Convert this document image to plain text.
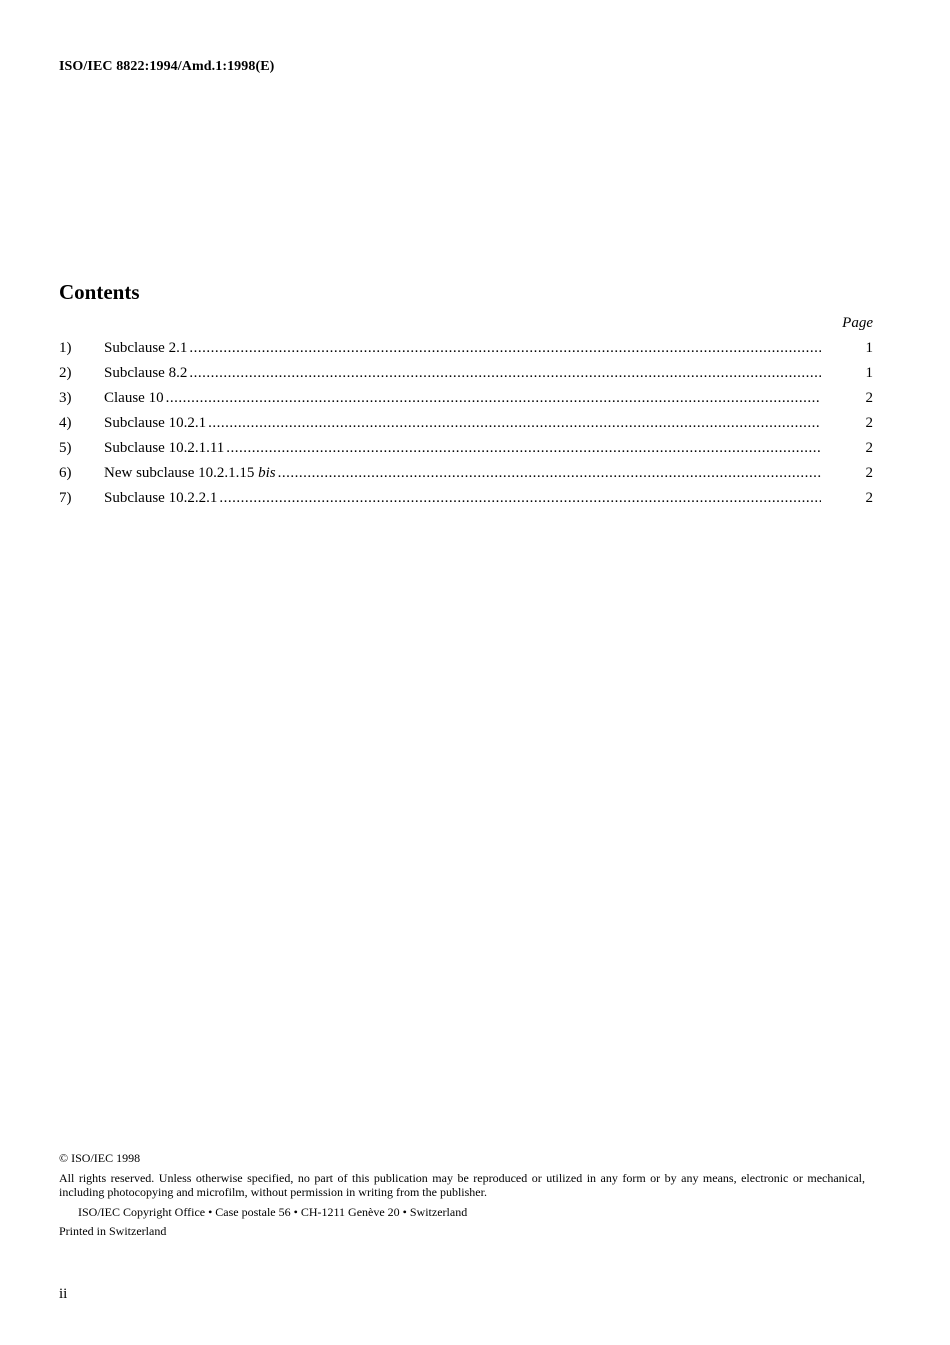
ISO/IEC 8822:1994/Amd.1:1998(E)
Contents
Page
1)	Subclause 2.1 .....	1
2)	Subclause 8.2 .....	1
3)	Clause 10 .....	2
4)	Subclause 10.2.1 .....	2
5)	Subclause 10.2.1.11 .....	2
6)	New subclause 10.2.1.15 bis .....	2
7)	Subclause 10.2.2.1 .....	2
© ISO/IEC 1998
All rights reserved. Unless otherwise specified, no part of this publication may be reproduced or utilized in any form or by any means, electronic or mechanical, including photocopying and microfilm, without permission in writing from the publisher.
ISO/IEC Copyright Office • Case postale 56 • CH-1211 Genève 20 • Switzerland
Printed in Switzerland
ii
